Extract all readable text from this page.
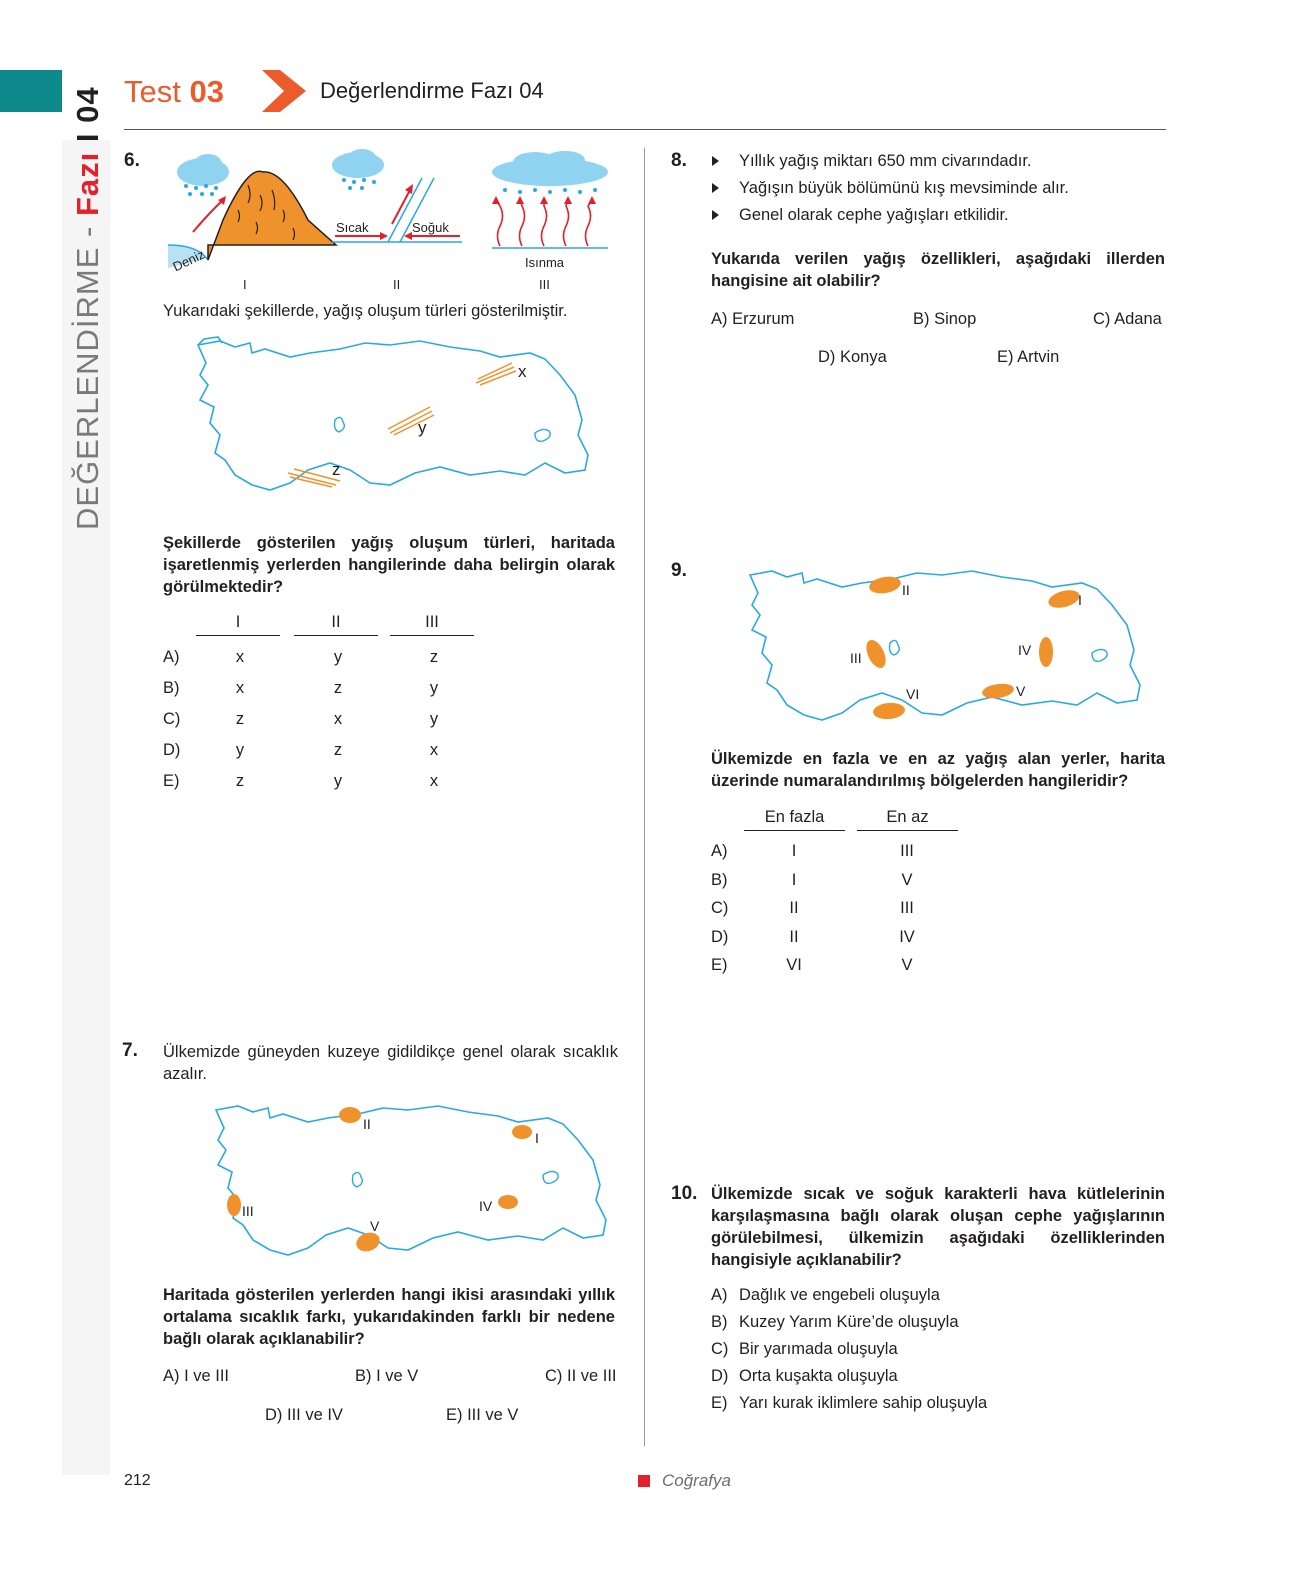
Test 03	Değerlendirme Fazı 04
DEĞERLENDİRME - Fazı I 04
6.
Deniz
I
Sıcak	Soğuk
II
Isınma
III
Yukarıdaki şekillerde, yağış oluşum türleri gösterilmiştir.
x
y
z
Şekillerde gösterilen yağış oluşum türleri, haritada işaretlenmiş yerlerden hangilerinde daha belirgin olarak görülmektedir?
I	II	III
A)	x	y	z
B)	x	z	y
C)	z	x	y
D)	y	z	x
E)	z	y	x
7. Ülkemizde güneyden kuzeye gidildikçe genel olarak sıcaklık azalır.
II
I
III	IV
V
Haritada gösterilen yerlerden hangi ikisi arasındaki yıllık ortalama sıcaklık farkı, yukarıdakinden farklı bir nedene bağlı olarak açıklanabilir?
A) I ve III	B) I ve V	C) II ve III
D) III ve IV	E) III ve V
8.	Yıllık yağış miktarı 650 mm civarındadır.
Yağışın büyük bölümünü kış mevsiminde alır.
Genel olarak cephe yağışları etkilidir.
Yukarıda verilen yağış özellikleri, aşağıdaki illerden hangisine ait olabilir?
A) Erzurum	B) Sinop	C) Adana
D) Konya	E) Artvin
9.
II
I
III	IV
V
VI
Ülkemizde en fazla ve en az yağış alan yerler, harita üzerinde numaralandırılmış bölgelerden hangileridir?
En fazla	En az
A)	I	III
B)	I	V
C)	II	III
D)	II	IV
E)	VI	V
10. Ülkemizde sıcak ve soğuk karakterli hava kütlelerinin karşılaşmasına bağlı olarak oluşan cephe yağışlarının görülebilmesi, ülkemizin aşağıdaki özelliklerinden hangisiyle açıklanabilir?
A) Dağlık ve engebeli oluşuyla
B) Kuzey Yarım Küre’de oluşuyla
C) Bir yarımada oluşuyla
D) Orta kuşakta oluşuyla
E) Yarı kurak iklimlere sahip oluşuyla
212	Coğrafya
